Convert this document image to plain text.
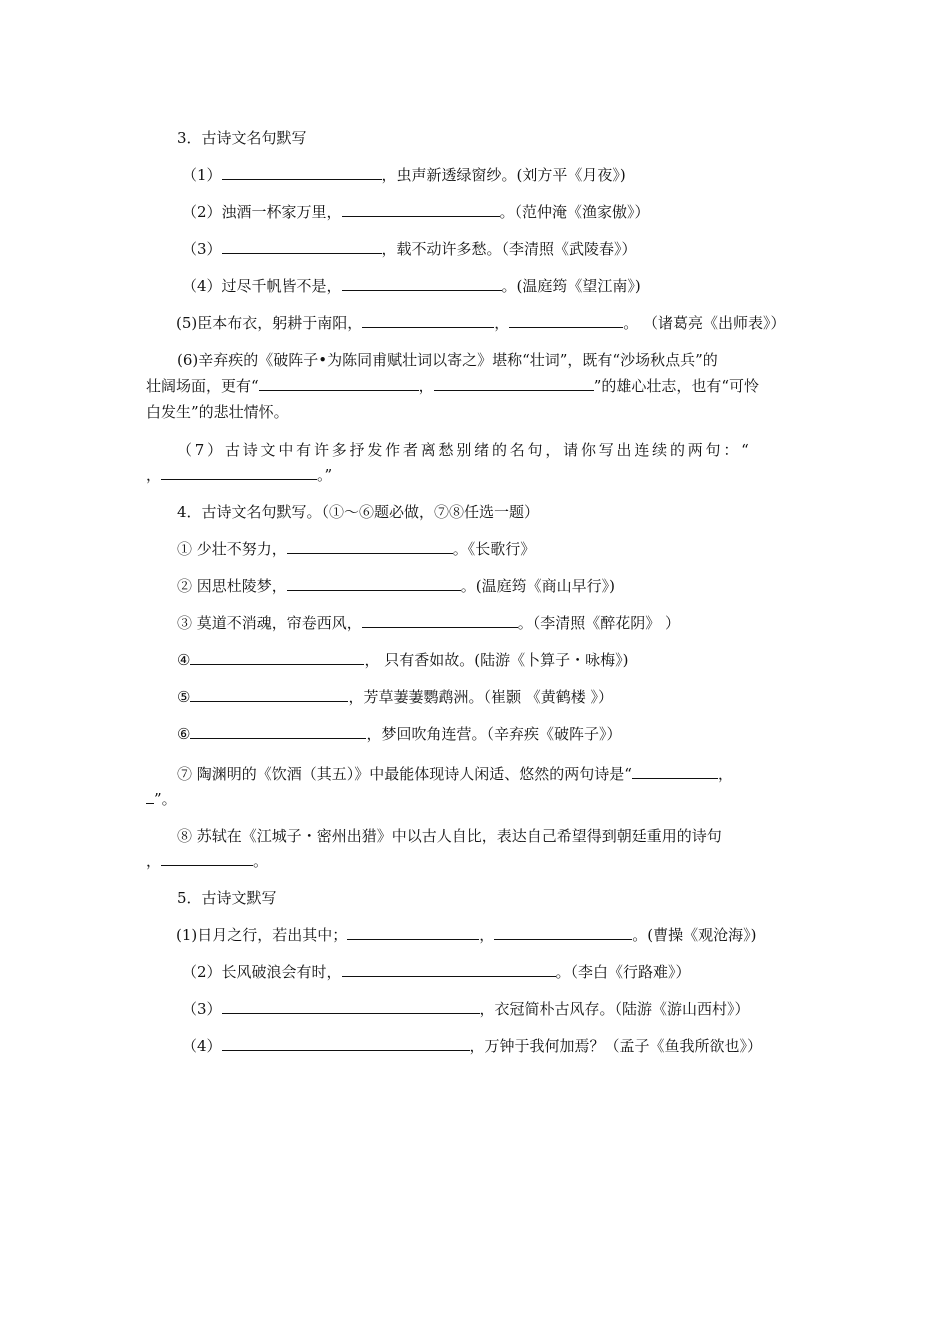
3．古诗文名句默写
（1）	，虫声新透绿窗纱。(刘方平《月夜》)
（2）浊酒一杯家万里，	。（范仲淹《渔家傲》）
（3）	，载不动许多愁。（李清照《武陵春》）
（4）过尽千帆皆不是，	。(温庭筠《望江南》)
(5)臣本布衣，躬耕于南阳，	，	。 （诸葛亮《出师表》）
(6)辛弃疾的《破阵子•为陈同甫赋壮词以寄之》堪称“壮词”，既有“沙场秋点兵”的
壮阔场面，更有“	，	”的雄心壮志，也有“可怜
白发生”的悲壮情怀。
（7）古诗文中有许多抒发作者离愁别绪的名句，请你写出连续的两句：“
，	。”
4．古诗文名句默写。（①～⑥题必做，⑦⑧任选一题）
① 少壮不努力，	。《长歌行》
② 因思杜陵梦，	。(温庭筠《商山早行》)
③ 莫道不消魂，帘卷西风，	。（李清照《醉花阴》 ）
④	， 只有香如故。(陆游《卜算子・咏梅》)
⑤	，芳草萋萋鹦鹉洲。（崔颢 《黄鹤楼 》）
⑥	，梦回吹角连营。（辛弃疾《破阵子》）
⑦ 陶渊明的《饮酒（其五）》中最能体现诗人闲适、悠然的两句诗是“	，
”。
⑧ 苏轼在《江城子・密州出猎》中以古人自比，表达自己希望得到朝廷重用的诗句
，	。
5．古诗文默写
(1)日月之行，若出其中；	，	。(曹操《观沧海》)
（2）长风破浪会有时，	。（李白《行路难》）
（3）	，衣冠简朴古风存。（陆游《游山西村》）
（4）	，万钟于我何加焉？（孟子《鱼我所欲也》）
